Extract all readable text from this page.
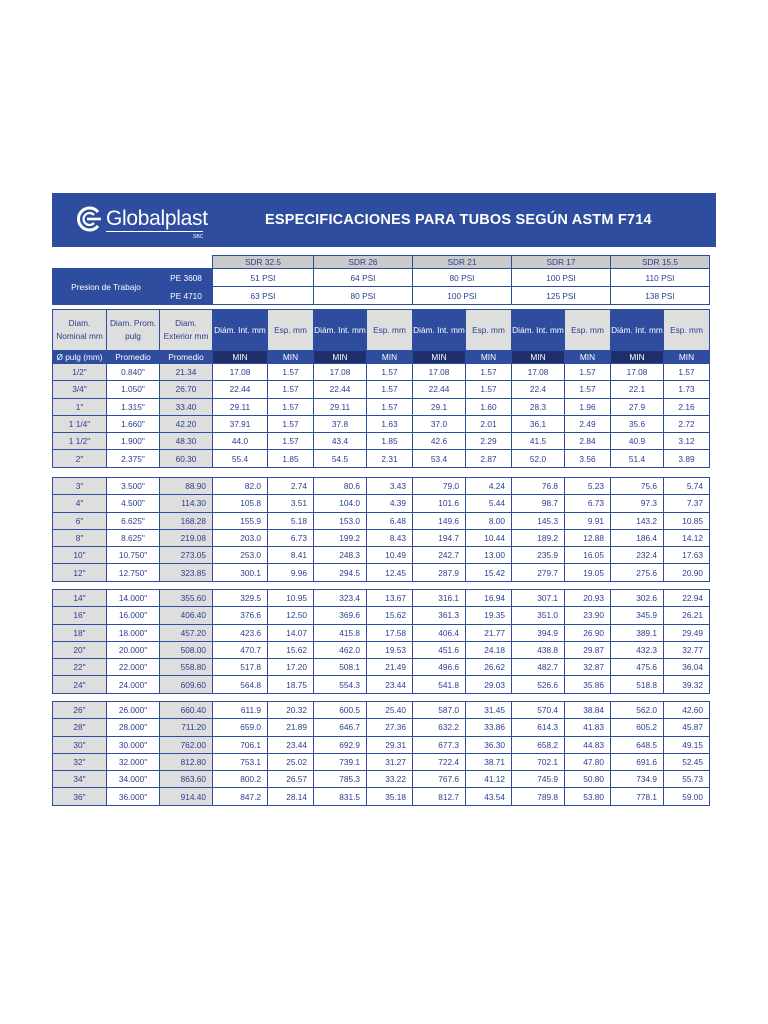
Globalplast
SBC
ESPECIFICACIONES PARA TUBOS SEGÚN ASTM F714
			SDR 32.5		SDR 26		SDR 21		SDR 17		SDR 15.5	
Presion de Trabajo		PE 3608	51 PSI		64 PSI		80 PSI		100 PSI		110 PSI	
		PE 4710	63 PSI		80 PSI		100 PSI		125 PSI		138 PSI	

Diam. Nominal mm	Diam. Prom. pulg	Diam. Exterior mm	Diám. Int. mm	Esp. mm	Diám. Int. mm	Esp. mm	Diám. Int. mm	Esp. mm	Diám. Int. mm	Esp. mm	Diám. Int. mm	Esp. mm
Ø pulg (mm)	Promedio	Promedio	MIN	MIN	MIN	MIN	MIN	MIN	MIN	MIN	MIN	MIN
1/2"	0.840"	21.34	17.08	1.57	17.08	1.57	17.08	1.57	17.08	1.57	17.08	1.57
3/4"	1.050"	26.70	22.44	1.57	22.44	1.57	22.44	1.57	22.4	1.57	22.1	1.73
1"	1.315"	33.40	29.11	1.57	29.11	1.57	29.1	1.60	28.3	1.96	27.9	2.16
1 1/4"	1.660"	42.20	37.91	1.57	37.8	1.63	37.0	2.01	36.1	2.49	35.6	2.72
1 1/2"	1.900"	48.30	44.0	1.57	43.4	1.85	42.6	2.29	41.5	2.84	40.9	3.12
2"	2.375"	60.30	55.4	1.85	54.5	2.31	53.4	2.87	52.0	3.56	51.4	3.89
3"	3.500"	88.90	82.0	2.74	80.6	3.43	79.0	4.24	76.8	5.23	75.6	5.74
4"	4.500"	114.30	105.8	3.51	104.0	4.39	101.6	5.44	98.7	6.73	97.3	7.37
6"	6.625"	168.28	155.9	5.18	153.0	6.48	149.6	8.00	145.3	9.91	143.2	10.85
8"	8.625"	219.08	203.0	6.73	199.2	8.43	194.7	10.44	189.2	12.88	186.4	14.12
10"	10.750"	273.05	253.0	8.41	248.3	10.49	242.7	13.00	235.9	16.05	232.4	17.63
12"	12.750"	323.85	300.1	9.96	294.5	12.45	287.9	15.42	279.7	19.05	275.6	20.90
14"	14.000"	355.60	329.5	10.95	323.4	13.67	316.1	16.94	307.1	20.93	302.6	22.94
16"	16.000"	406.40	376.6	12.50	369.6	15.62	361.3	19.35	351.0	23.90	345.9	26.21
18"	18.000"	457.20	423.6	14.07	415.8	17.58	406.4	21.77	394.9	26.90	389.1	29.49
20"	20.000"	508.00	470.7	15.62	462.0	19.53	451.6	24.18	438.8	29.87	432.3	32.77
22"	22.000"	558.80	517.8	17.20	508.1	21.49	496.6	26.62	482.7	32.87	475.6	36.04
24"	24.000"	609.60	564.8	18.75	554.3	23.44	541.8	29.03	526.6	35.86	518.8	39.32
26"	26.000"	660.40	611.9	20.32	600.5	25.40	587.0	31.45	570.4	38.84	562.0	42.60
28"	28.000"	711.20	659.0	21.89	646.7	27.36	632.2	33.86	614.3	41.83	605.2	45.87
30"	30.000"	762.00	706.1	23.44	692.9	29.31	677.3	36.30	658.2	44.83	648.5	49.15
32"	32.000"	812.80	753.1	25.02	739.1	31.27	722.4	38.71	702.1	47.80	691.6	52.45
34"	34.000"	863.60	800.2	26.57	785.3	33.22	767.6	41.12	745.9	50.80	734.9	55.73
36"	36.000"	914.40	847.2	28.14	831.5	35.18	812.7	43.54	789.8	53.80	778.1	59.00
